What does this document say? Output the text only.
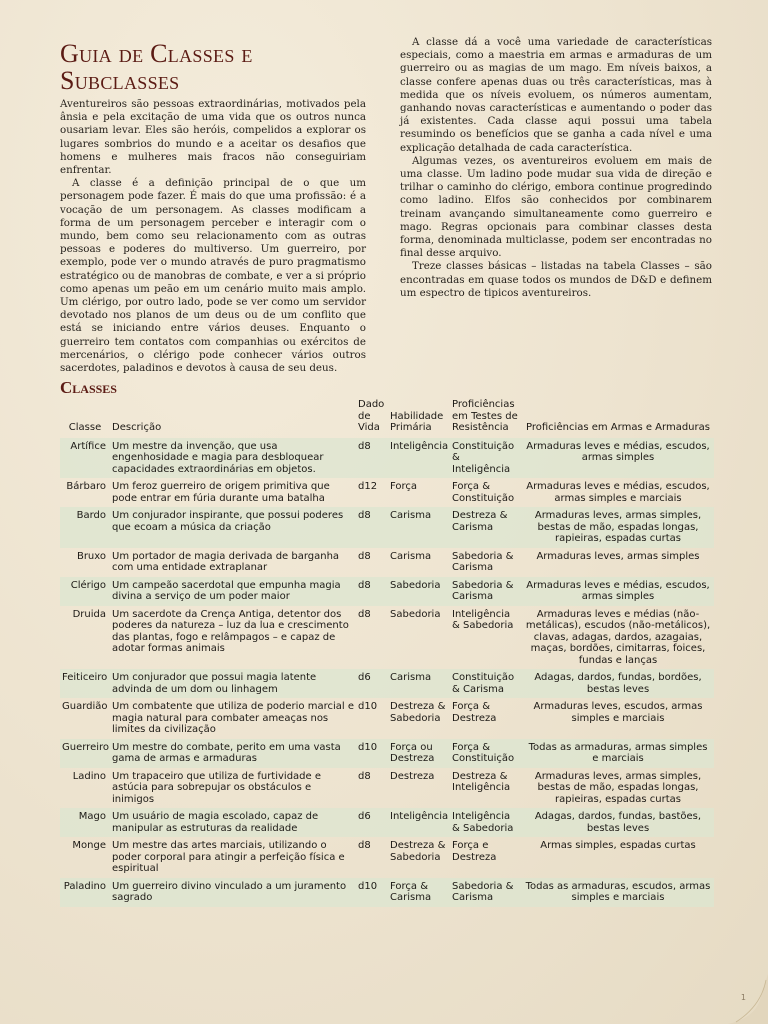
Guia de Classes e Subclasses

Aventureiros são pessoas extraordinárias, motivados pela ânsia e pela excitação de uma vida que os outros nunca ousariam levar. Eles são heróis, compelidos a explorar os lugares sombrios do mundo e a aceitar os desafios que homens e mulheres mais fracos não conseguiriam enfrentar.

A classe é a definição principal de o que um personagem pode fazer. É mais do que uma profissão: é a vocação de um personagem. As classes modificam a forma de um personagem perceber e interagir com o mundo, bem como seu relacionamento com as outras pessoas e poderes do multiverso. Um guerreiro, por exemplo, pode ver o mundo através de puro pragmatismo estratégico ou de manobras de combate, e ver a si próprio como apenas um peão em um cenário muito mais amplo. Um clérigo, por outro lado, pode se ver como um servidor devotado nos planos de um deus ou de um conflito que está se iniciando entre vários deuses. Enquanto o guerreiro tem contatos com companhias ou exércitos de mercenários, o clérigo pode conhecer vários outros sacerdotes, paladinos e devotos à causa de seu deus.

A classe dá a você uma variedade de características especiais, como a maestria em armas e armaduras de um guerreiro ou as magias de um mago. Em níveis baixos, a classe confere apenas duas ou três características, mas à medida que os níveis evoluem, os números aumentam, ganhando novas características e aumentando o poder das já existentes. Cada classe aqui possui uma tabela resumindo os benefícios que se ganha a cada nível e uma explicação detalhada de cada característica.

Algumas vezes, os aventureiros evoluem em mais de uma classe. Um ladino pode mudar sua vida de direção e trilhar o caminho do clérigo, embora continue progredindo como ladino. Elfos são conhecidos por combinarem treinam avançando simultaneamente como guerreiro e mago. Regras opcionais para combinar classes desta forma, denominada multiclasse, podem ser encontradas no final desse arquivo.

Treze classes básicas – listadas na tabela Classes – são encontradas em quase todos os mundos de D&D e definem um espectro de tipicos aventureiros.

Classes
Classe	Descrição	Dado de Vida	Habilidade Primária	Proficiências em Testes de Resistência	Proficiências em Armas e Armaduras
Artífice	Um mestre da invenção, que usa engenhosidade e magia para desbloquear capacidades extraordinárias em objetos.	d8	Inteligência	Constituição & Inteligência	Armaduras leves e médias, escudos, armas simples
Bárbaro	Um feroz guerreiro de origem primitiva que pode entrar em fúria durante uma batalha	d12	Força	Força & Constituição	Armaduras leves e médias, escudos, armas simples e marciais
Bardo	Um conjurador inspirante, que possui poderes que ecoam a música da criação	d8	Carisma	Destreza & Carisma	Armaduras leves, armas simples, bestas de mão, espadas longas, rapieiras, espadas curtas
Bruxo	Um portador de magia derivada de barganha com uma entidade extraplanar	d8	Carisma	Sabedoria & Carisma	Armaduras leves, armas simples
Clérigo	Um campeão sacerdotal que empunha magia divina a serviço de um poder maior	d8	Sabedoria	Sabedoria & Carisma	Armaduras leves e médias, escudos, armas simples
Druida	Um sacerdote da Crença Antiga, detentor dos poderes da natureza – luz da lua e crescimento das plantas, fogo e relâmpagos – e capaz de adotar formas animais	d8	Sabedoria	Inteligência & Sabedoria	Armaduras leves e médias (não-metálicas), escudos (não-metálicos), clavas, adagas, dardos, azagaias, maças, bordões, cimitarras, foices, fundas e lanças
Feiticeiro	Um conjurador que possui magia latente advinda de um dom ou linhagem	d6	Carisma	Constituição & Carisma	Adagas, dardos, fundas, bordões, bestas leves
Guardião	Um combatente que utiliza de poderio marcial e magia natural para combater ameaças nos limites da civilização	d10	Destreza & Sabedoria	Força & Destreza	Armaduras leves, escudos, armas simples e marciais
Guerreiro	Um mestre do combate, perito em uma vasta gama de armas e armaduras	d10	Força ou Destreza	Força & Constituição	Todas as armaduras, armas simples e marciais
Ladino	Um trapaceiro que utiliza de furtividade e astúcia para sobrepujar os obstáculos e inimigos	d8	Destreza	Destreza & Inteligência	Armaduras leves, armas simples, bestas de mão, espadas longas, rapieiras, espadas curtas
Mago	Um usuário de magia escolado, capaz de manipular as estruturas da realidade	d6	Inteligência	Inteligência & Sabedoria	Adagas, dardos, fundas, bastões, bestas leves
Monge	Um mestre das artes marciais, utilizando o poder corporal para atingir a perfeição física e espiritual	d8	Destreza & Sabedoria	Força e Destreza	Armas simples, espadas curtas
Paladino	Um guerreiro divino vinculado a um juramento sagrado	d10	Força & Carisma	Sabedoria & Carisma	Todas as armaduras, escudos, armas simples e marciais
1
